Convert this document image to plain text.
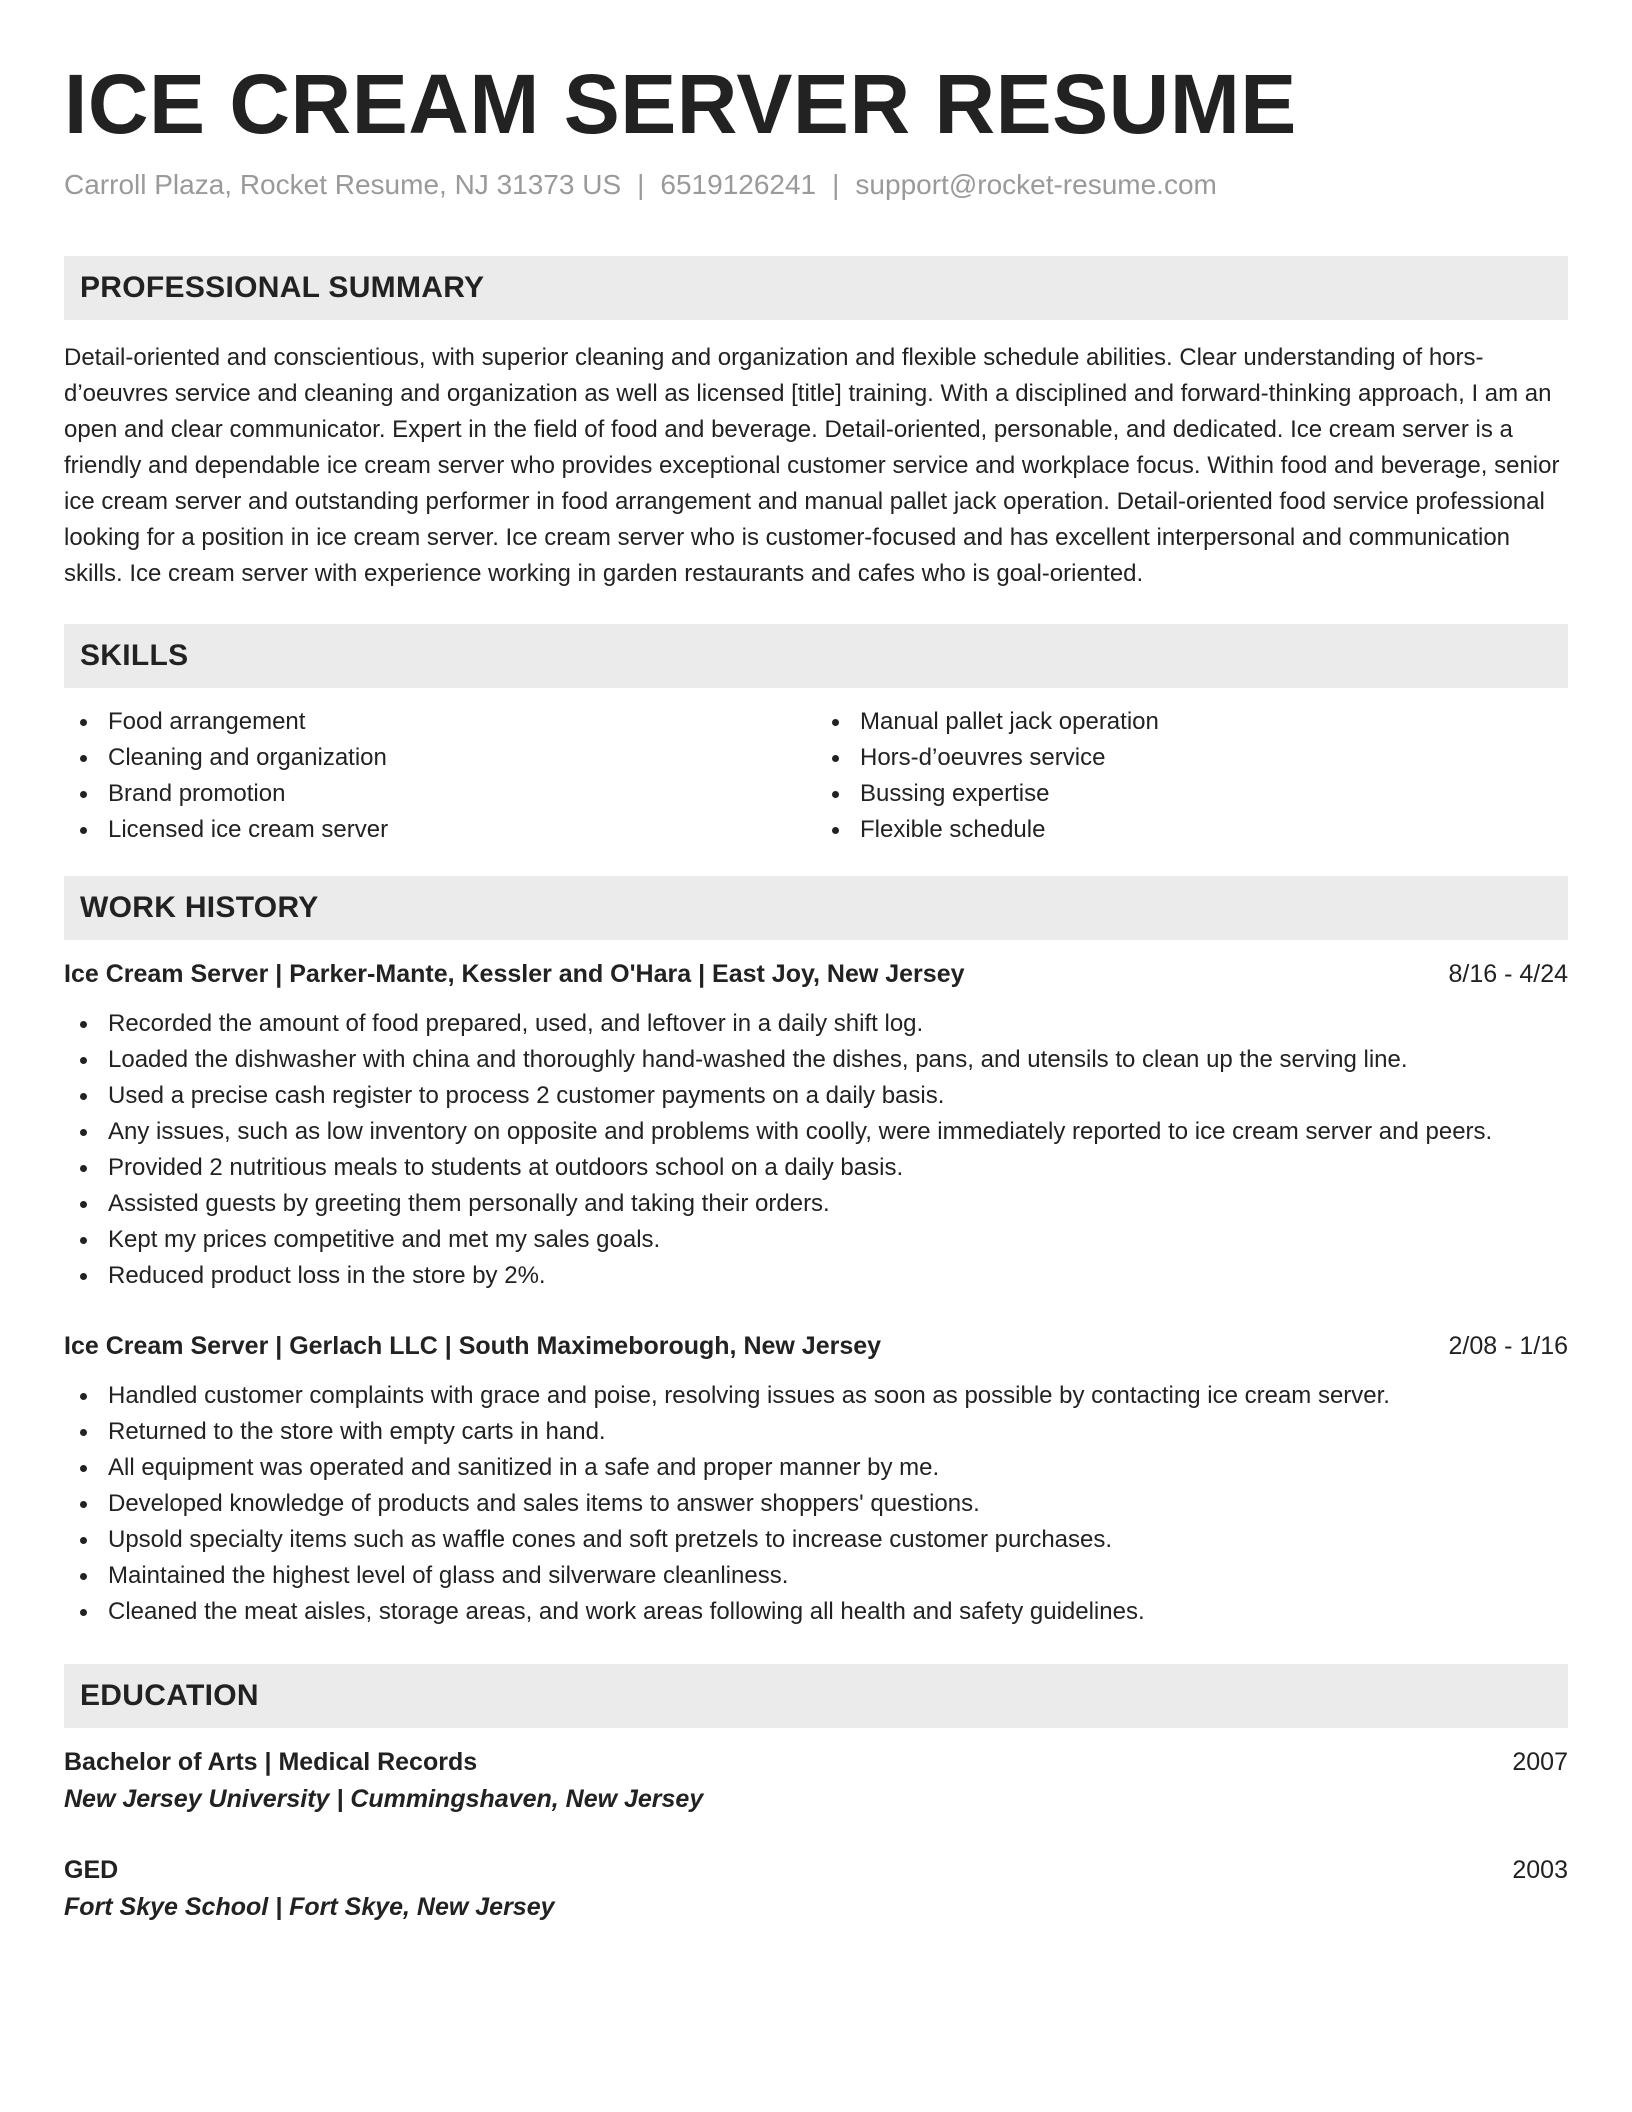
ICE CREAM SERVER RESUME
Carroll Plaza, Rocket Resume, NJ 31373 US | 6519126241 | support@rocket-resume.com
PROFESSIONAL SUMMARY

Detail-oriented and conscientious, with superior cleaning and organization and flexible schedule abilities. Clear understanding of hors-d’oeuvres service and cleaning and organization as well as licensed [title] training. With a disciplined and forward-thinking approach, I am an open and clear communicator. Expert in the field of food and beverage. Detail-oriented, personable, and dedicated. Ice cream server is a friendly and dependable ice cream server who provides exceptional customer service and workplace focus. Within food and beverage, senior ice cream server and outstanding performer in food arrangement and manual pallet jack operation. Detail-oriented food service professional looking for a position in ice cream server. Ice cream server who is customer-focused and has excellent interpersonal and communication skills. Ice cream server with experience working in garden restaurants and cafes who is goal-oriented.

SKILLS
Food arrangement
Cleaning and organization
Brand promotion
Licensed ice cream server
Manual pallet jack operation
Hors-d’oeuvres service
Bussing expertise
Flexible schedule
WORK HISTORY
Ice Cream Server | Parker-Mante, Kessler and O'Hara | East Joy, New Jersey	8/16 - 4/24
Recorded the amount of food prepared, used, and leftover in a daily shift log.
Loaded the dishwasher with china and thoroughly hand-washed the dishes, pans, and utensils to clean up the serving line.
Used a precise cash register to process 2 customer payments on a daily basis.
Any issues, such as low inventory on opposite and problems with coolly, were immediately reported to ice cream server and peers.
Provided 2 nutritious meals to students at outdoors school on a daily basis.
Assisted guests by greeting them personally and taking their orders.
Kept my prices competitive and met my sales goals.
Reduced product loss in the store by 2%.
Ice Cream Server | Gerlach LLC | South Maximeborough, New Jersey	2/08 - 1/16
Handled customer complaints with grace and poise, resolving issues as soon as possible by contacting ice cream server.
Returned to the store with empty carts in hand.
All equipment was operated and sanitized in a safe and proper manner by me.
Developed knowledge of products and sales items to answer shoppers' questions.
Upsold specialty items such as waffle cones and soft pretzels to increase customer purchases.
Maintained the highest level of glass and silverware cleanliness.
Cleaned the meat aisles, storage areas, and work areas following all health and safety guidelines.
EDUCATION
Bachelor of Arts | Medical Records	2007
New Jersey University | Cummingshaven, New Jersey
GED	2003
Fort Skye School | Fort Skye, New Jersey
